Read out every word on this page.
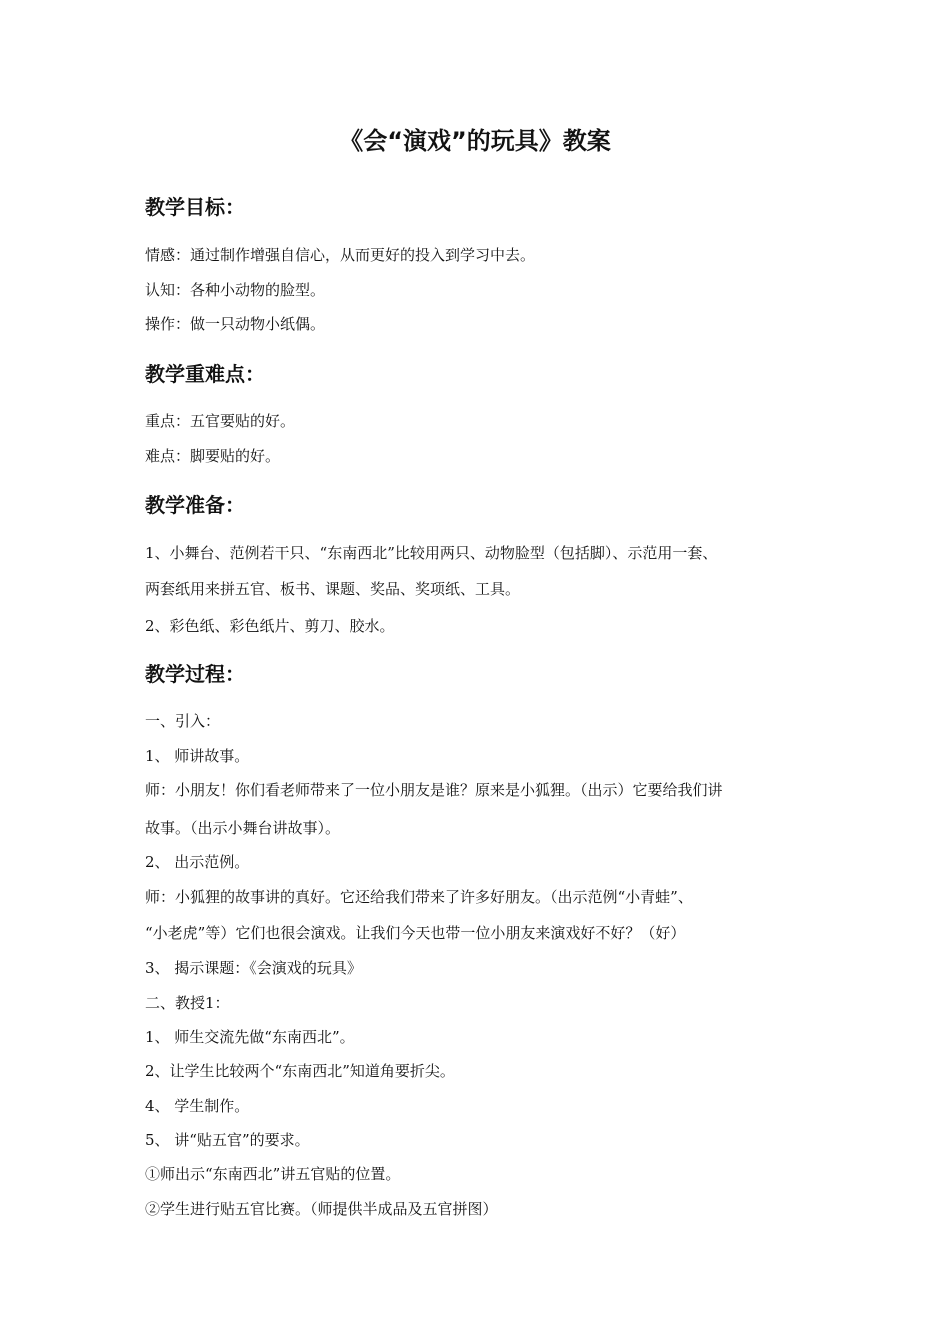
《会“演戏”的玩具》教案
教学目标：
情感：通过制作增强自信心，从而更好的投入到学习中去。
认知：各种小动物的脸型。
操作：做一只动物小纸偶。
教学重难点：
重点：五官要贴的好。
难点：脚要贴的好。
教学准备：
1、小舞台、范例若干只、“东南西北”比较用两只、动物脸型（包括脚）、示范用一套、
两套纸用来拼五官、板书、课题、奖品、奖项纸、工具。
2、彩色纸、彩色纸片、剪刀、胶水。
教学过程：
一、引入：
1、 师讲故事。
师：小朋友！你们看老师带来了一位小朋友是谁？原来是小狐狸。（出示）它要给我们讲
故事。（出示小舞台讲故事）。
2、 出示范例。
师：小狐狸的故事讲的真好。它还给我们带来了许多好朋友。（出示范例“小青蛙”、
“小老虎”等）它们也很会演戏。让我们今天也带一位小朋友来演戏好不好？（好）
3、 揭示课题：《会演戏的玩具》
二、教授1：
1、 师生交流先做“东南西北”。
2、让学生比较两个“东南西北”知道角要折尖。
4、 学生制作。
5、 讲“贴五官”的要求。
①师出示“东南西北”讲五官贴的位置。
②学生进行贴五官比赛。（师提供半成品及五官拼图）
